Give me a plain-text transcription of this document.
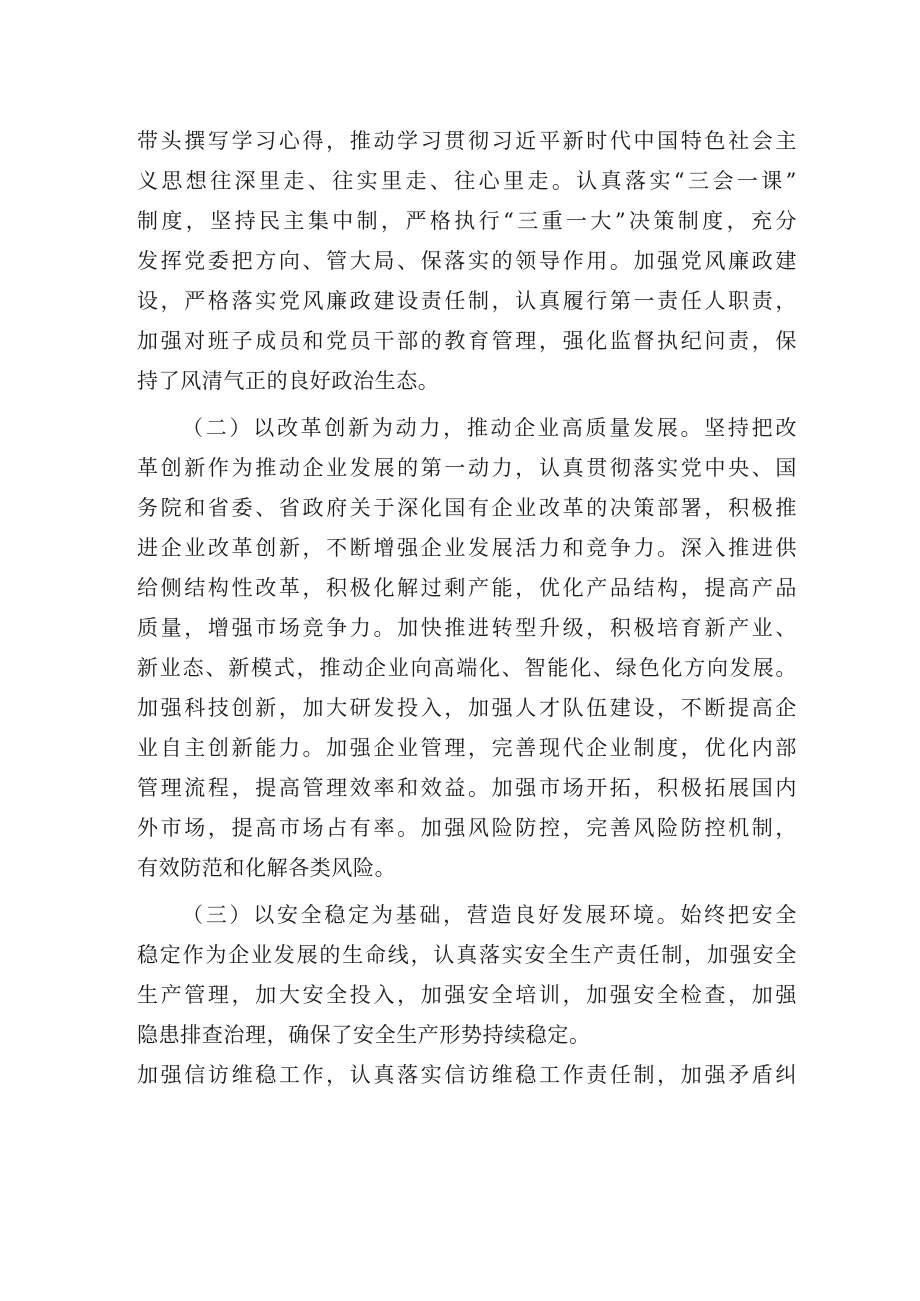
带头撰写学习心得，推动学习贯彻习近平新时代中国特色社会主
义思想往深里走、往实里走、往心里走。认真落实“三会一课”
制度，坚持民主集中制，严格执行“三重一大”决策制度，充分
发挥党委把方向、管大局、保落实的领导作用。加强党风廉政建
设，严格落实党风廉政建设责任制，认真履行第一责任人职责，
加强对班子成员和党员干部的教育管理，强化监督执纪问责，保
持了风清气正的良好政治生态。
（二）以改革创新为动力，推动企业高质量发展。坚持把改
革创新作为推动企业发展的第一动力，认真贯彻落实党中央、国
务院和省委、省政府关于深化国有企业改革的决策部署，积极推
进企业改革创新，不断增强企业发展活力和竞争力。深入推进供
给侧结构性改革，积极化解过剩产能，优化产品结构，提高产品
质量，增强市场竞争力。加快推进转型升级，积极培育新产业、
新业态、新模式，推动企业向高端化、智能化、绿色化方向发展。
加强科技创新，加大研发投入，加强人才队伍建设，不断提高企
业自主创新能力。加强企业管理，完善现代企业制度，优化内部
管理流程，提高管理效率和效益。加强市场开拓，积极拓展国内
外市场，提高市场占有率。加强风险防控，完善风险防控机制，
有效防范和化解各类风险。
（三）以安全稳定为基础，营造良好发展环境。始终把安全
稳定作为企业发展的生命线，认真落实安全生产责任制，加强安全
生产管理，加大安全投入，加强安全培训，加强安全检查，加强
隐患排查治理，确保了安全生产形势持续稳定。
加强信访维稳工作，认真落实信访维稳工作责任制，加强矛盾纠
